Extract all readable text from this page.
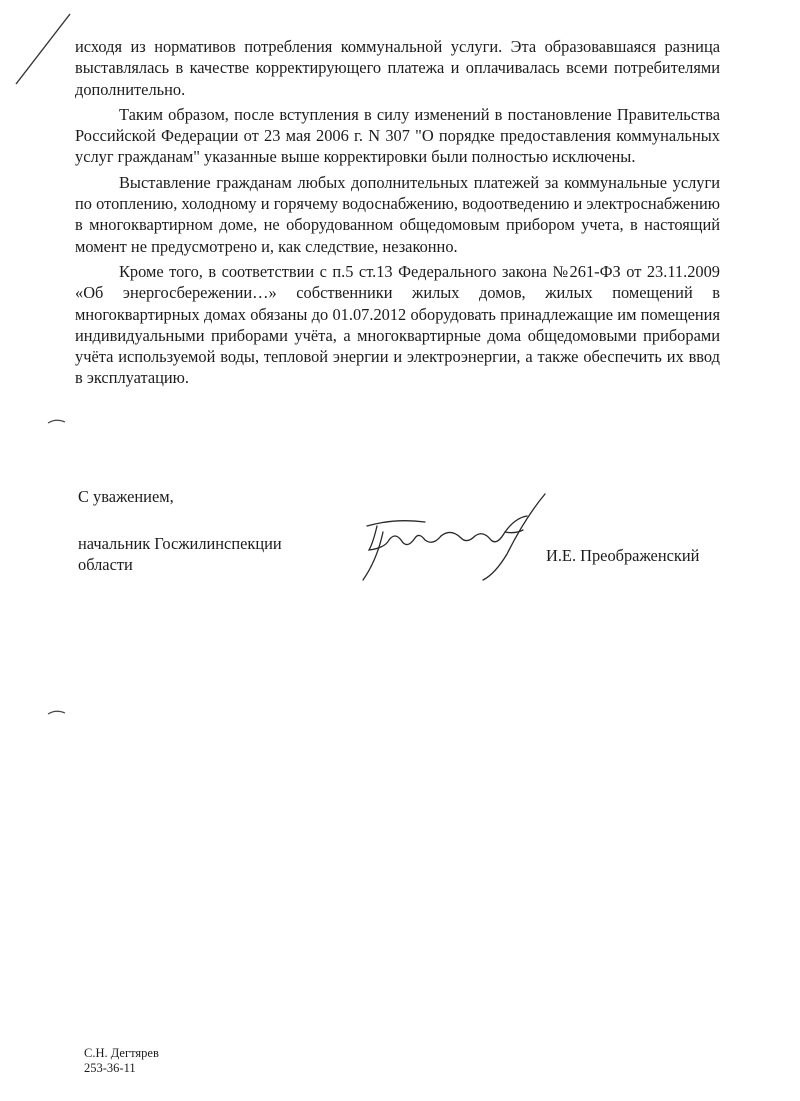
исходя из нормативов потребления коммунальной услуги. Эта образовавшаяся разница выставлялась в качестве корректирующего платежа и оплачивалась всеми потребителями дополнительно.

Таким образом, после вступления в силу изменений в постановление Правительства Российской Федерации от 23 мая 2006 г. N 307 "О порядке предоставления коммунальных услуг гражданам" указанные выше корректировки были полностью исключены.

Выставление гражданам любых дополнительных платежей за коммунальные услуги по отоплению, холодному и горячему водоснабжению, водоотведению и электроснабжению в многоквартирном доме, не оборудованном общедомовым прибором учета, в настоящий момент не предусмотрено и, как следствие, незаконно.

Кроме того, в соответствии с п.5 ст.13 Федерального закона №261-ФЗ от 23.11.2009 «Об энергосбережении…» собственники жилых домов, жилых помещений в многоквартирных домах обязаны до 01.07.2012 оборудовать принадлежащие им помещения индивидуальными приборами учёта, а многоквартирные дома общедомовыми приборами учёта используемой воды, тепловой энергии и электроэнергии, а также обеспечить их ввод в эксплуатацию.

С уважением,
начальник Госжилинспекции
области	И.Е. Преображенский
С.Н. Дегтярев
253-36-11
